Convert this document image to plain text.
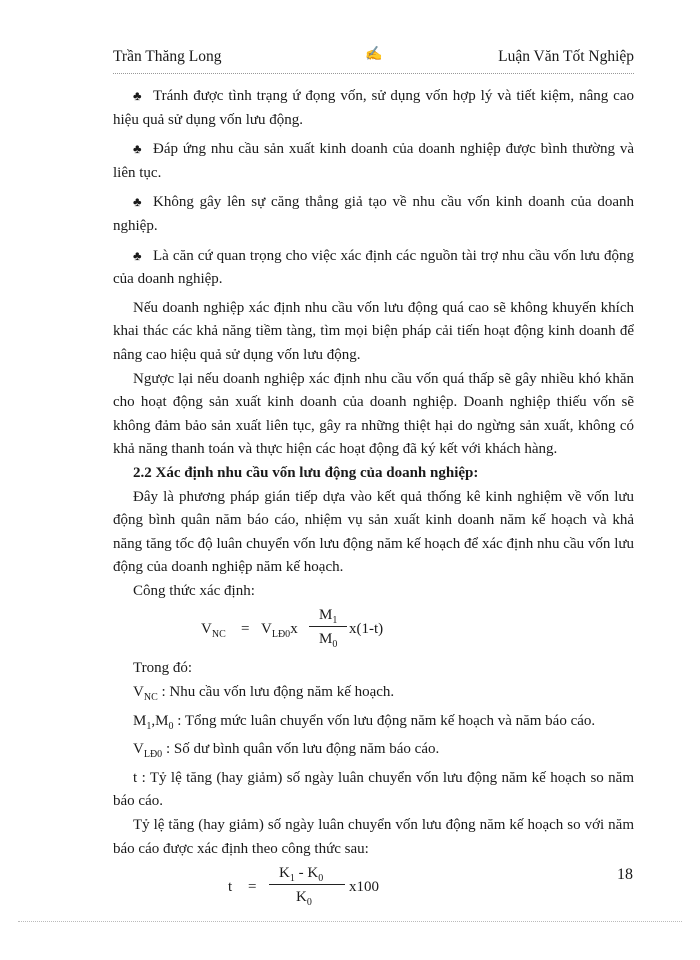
Trần Thăng Long	✍	Luận Văn Tốt Nghiệp

♣ Tránh được tình trạng ứ đọng vốn, sử dụng vốn hợp lý và tiết kiệm, nâng cao hiệu quả sử dụng vốn lưu động.

♣ Đáp ứng nhu cầu sản xuất kinh doanh của doanh nghiệp được bình thường và liên tục.

♣ Không gây lên sự căng thẳng giả tạo về nhu cầu vốn kinh doanh của doanh nghiệp.

♣ Là căn cứ quan trọng cho việc xác định các nguồn tài trợ nhu cầu vốn lưu động của doanh nghiệp.

Nếu doanh nghiệp xác định nhu cầu vốn lưu động quá cao sẽ không khuyến khích khai thác các khả năng tiềm tàng, tìm mọi biện pháp cải tiến hoạt động kinh doanh để nâng cao hiệu quả sử dụng vốn lưu động.

Ngược lại nếu doanh nghiệp xác định nhu cầu vốn quá thấp sẽ gây nhiều khó khăn cho hoạt động sản xuất kinh doanh của doanh nghiệp. Doanh nghiệp thiếu vốn sẽ không đảm bảo sản xuất liên tục, gây ra những thiệt hại do ngừng sản xuất, không có khả năng thanh toán và thực hiện các hoạt động đã ký kết với khách hàng.

2.2 Xác định nhu cầu vốn lưu động của doanh nghiệp:

Đây là phương pháp gián tiếp dựa vào kết quả thống kê kinh nghiệm về vốn lưu động bình quân năm báo cáo, nhiệm vụ sản xuất kinh doanh năm kế hoạch và khả năng tăng tốc độ luân chuyển vốn lưu động năm kế hoạch để xác định nhu cầu vốn lưu động của doanh nghiệp năm kế hoạch.

Công thức xác định:

$V_{NC} = V_{LĐ0}x$
$M_1$
$M_0$
x(1-t)

Trong đó:

$V_{NC}$ : Nhu cầu vốn lưu động năm kế hoạch.

$M_1,M_0$ : Tổng mức luân chuyển vốn lưu động năm kế hoạch và năm báo cáo.

$V_{LĐ0}$ : Số dư bình quân vốn lưu động năm báo cáo.

t : Tỷ lệ tăng (hay giảm) số ngày luân chuyển vốn lưu động năm kế hoạch so năm báo cáo.

Tỷ lệ tăng (hay giảm) số ngày luân chuyển vốn lưu động năm kế hoạch so với năm báo cáo được xác định theo công thức sau:

t =
$K_1 - K_0$
$K_0$
x100
18
